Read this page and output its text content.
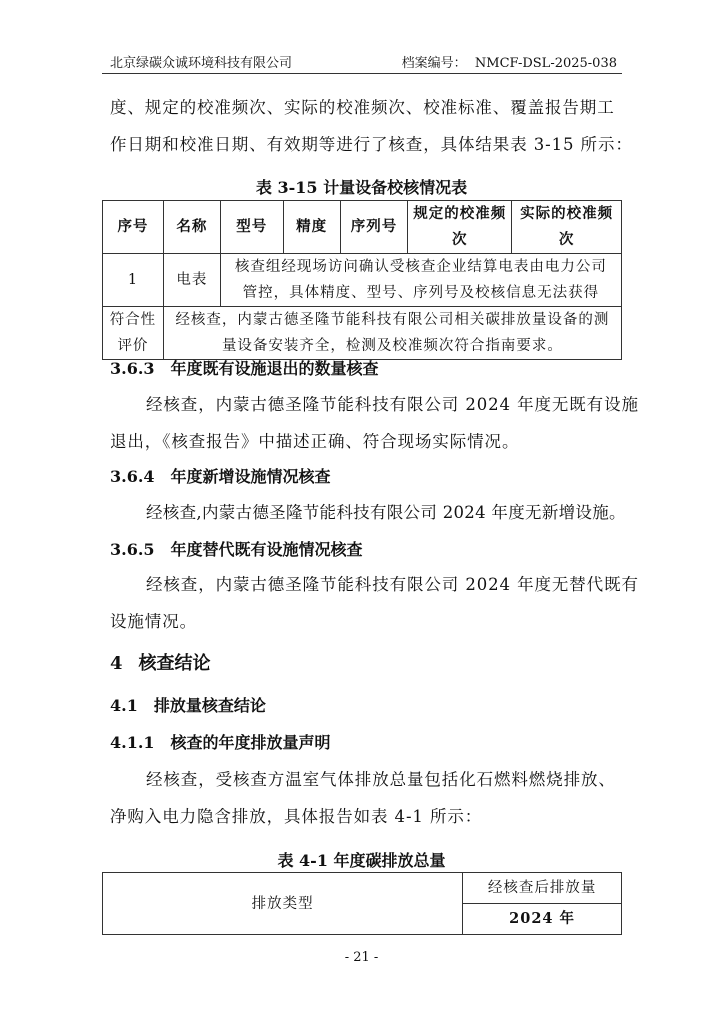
北京绿碳众诚环境科技有限公司	档案编号： NMCF-DSL-2025-038
度、规定的校准频次、实际的校准频次、校准标准、覆盖报告期工
作日期和校准日期、有效期等进行了核查，具体结果表 3-15 所示：
表 3-15 计量设备校核情况表
序号	名称	型号	精度	序列号	规定的校准频次	实际的校准频次
1	电表	核查组经现场访问确认受核查企业结算电表由电力公司管控，具体精度、型号、序列号及校核信息无法获得				
符合性评价	经核查，内蒙古德圣隆节能科技有限公司相关碳排放量设备的测量设备安装齐全，检测及校准频次符合指南要求。					
3.6.3 年度既有设施退出的数量核查
经核查，内蒙古德圣隆节能科技有限公司 2024 年度无既有设施
退出，《核查报告》中描述正确、符合现场实际情况。
3.6.4 年度新增设施情况核查
经核查,内蒙古德圣隆节能科技有限公司 2024 年度无新增设施。
3.6.5 年度替代既有设施情况核查
经核查，内蒙古德圣隆节能科技有限公司 2024 年度无替代既有
设施情况。
4 核查结论
4.1 排放量核查结论
4.1.1 核查的年度排放量声明
经核查，受核查方温室气体排放总量包括化石燃料燃烧排放、
净购入电力隐含排放，具体报告如表 4-1 所示：
表 4-1 年度碳排放总量
排放类型	经核查后排放量
2024 年
- 21 -
